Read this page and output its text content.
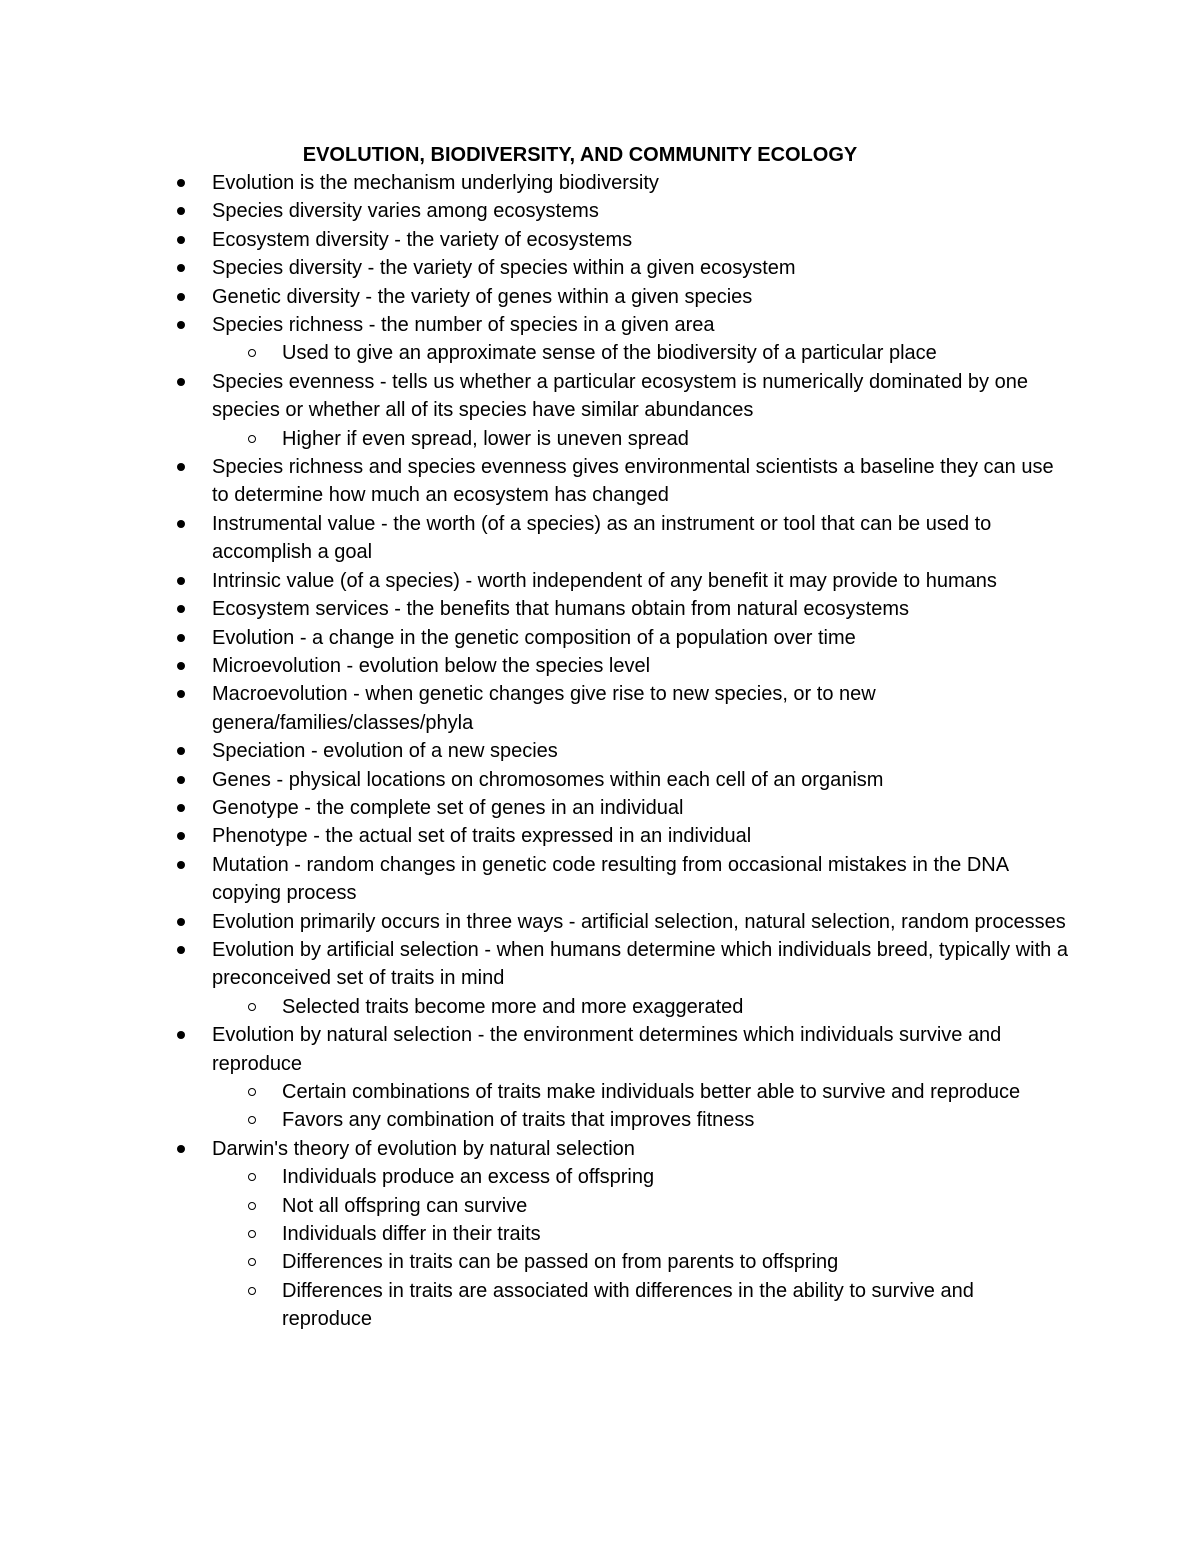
EVOLUTION, BIODIVERSITY, AND COMMUNITY ECOLOGY
Evolution is the mechanism underlying biodiversity
Species diversity varies among ecosystems
Ecosystem diversity - the variety of ecosystems
Species diversity - the variety of species within a given ecosystem
Genetic diversity - the variety of genes within a given species
Species richness - the number of species in a given area
Used to give an approximate sense of the biodiversity of a particular place
Species evenness - tells us whether a particular ecosystem is numerically dominated by one species or whether all of its species have similar abundances
Higher if even spread, lower is uneven spread
Species richness and species evenness gives environmental scientists a baseline they can use to determine how much an ecosystem has changed
Instrumental value - the worth (of a species) as an instrument or tool that can be used to accomplish a goal
Intrinsic value (of a species) - worth independent of any benefit it may provide to humans
Ecosystem services - the benefits that humans obtain from natural ecosystems
Evolution - a change in the genetic composition of a population over time
Microevolution - evolution below the species level
Macroevolution - when genetic changes give rise to new species, or to new genera/families/classes/phyla
Speciation - evolution of a new species
Genes - physical locations on chromosomes within each cell of an organism
Genotype - the complete set of genes in an individual
Phenotype - the actual set of traits expressed in an individual
Mutation - random changes in genetic code resulting from occasional mistakes in the DNA copying process
Evolution primarily occurs in three ways - artificial selection, natural selection, random processes
Evolution by artificial selection - when humans determine which individuals breed, typically with a preconceived set of traits in mind
Selected traits become more and more exaggerated
Evolution by natural selection - the environment determines which individuals survive and reproduce
Certain combinations of traits make individuals better able to survive and reproduce
Favors any combination of traits that improves fitness
Darwin's theory of evolution by natural selection
Individuals produce an excess of offspring
Not all offspring can survive
Individuals differ in their traits
Differences in traits can be passed on from parents to offspring
Differences in traits are associated with differences in the ability to survive and reproduce
